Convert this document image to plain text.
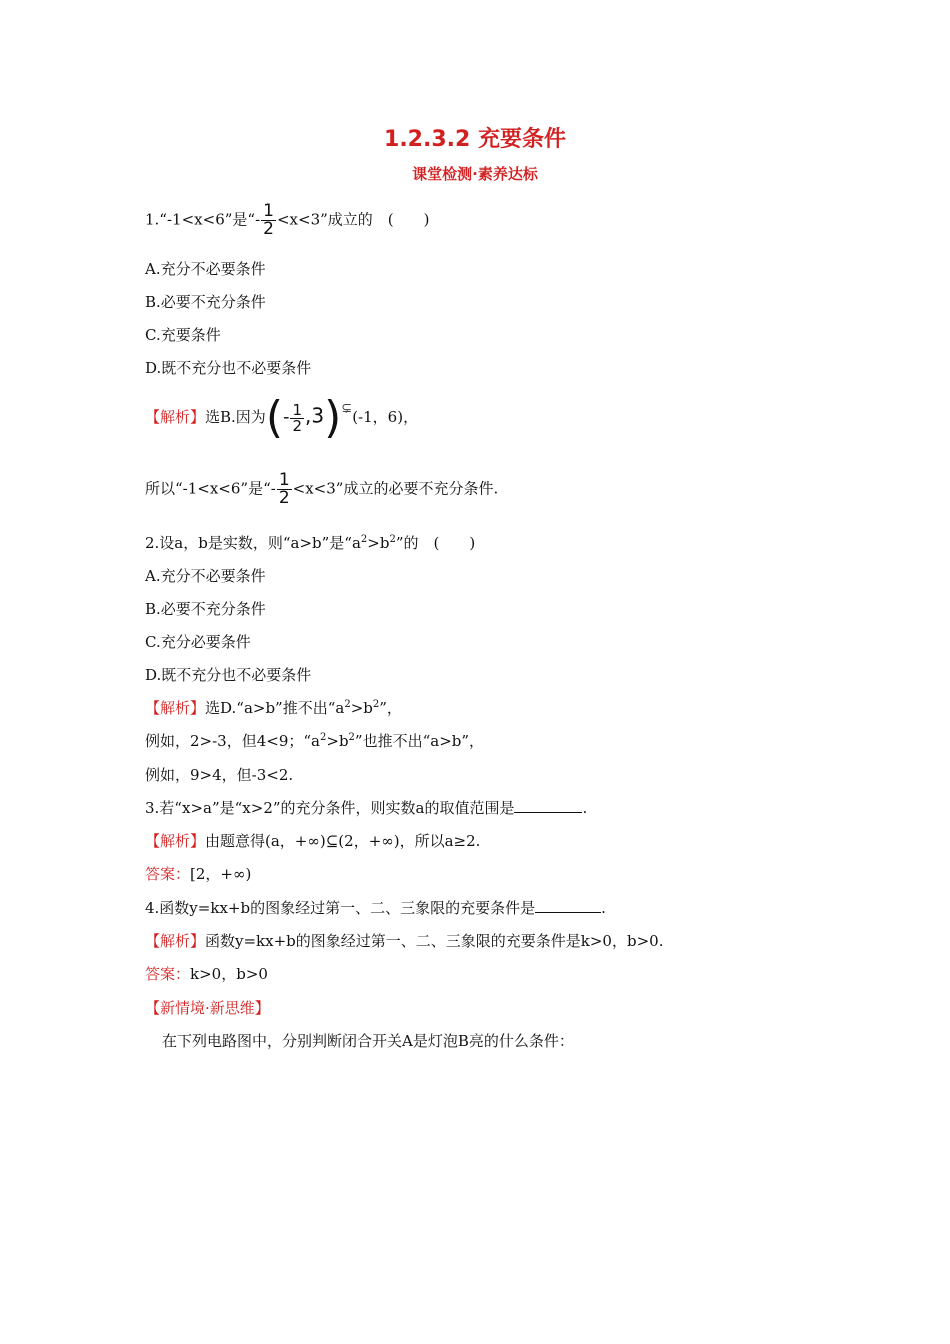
1.2.3.2 充要条件
课堂检测·素养达标
1.“-1<x<6”是“- $\frac{1}{2} <x<3$”成立的　(　　)
A.充分不必要条件
B.必要不充分条件
C.充要条件
D.既不充分也不必要条件
【解析】选B.因为(- $\frac{1}{2}$ ,3)⊊(-1，6)，
所以“-1<x<6”是“- $\frac{1}{2} <x<3$”成立的必要不充分条件.
2.设a，b是实数，则“a>b”是“$a^2>b^2$”的　(　　)
A.充分不必要条件
B.必要不充分条件
C.充分必要条件
D.既不充分也不必要条件
【解析】选D.“a>b”推不出“$a^2>b^2$”，
例如，2>-3，但4<9；“$a^2>b^2$”也推不出“a>b”，
例如，9>4，但-3<2.
3.若“x>a”是“x>2”的充分条件，则实数a的取值范围是	.
【解析】由题意得(a，+∞)⊆(2，+∞)，所以a≥2.
答案：[2，+∞)
4.函数y=kx+b的图象经过第一、二、三象限的充要条件是	.
【解析】函数y=kx+b的图象经过第一、二、三象限的充要条件是k>0，b>0.
答案：k>0，b>0
【新情境·新思维】
在下列电路图中，分别判断闭合开关A是灯泡B亮的什么条件：
